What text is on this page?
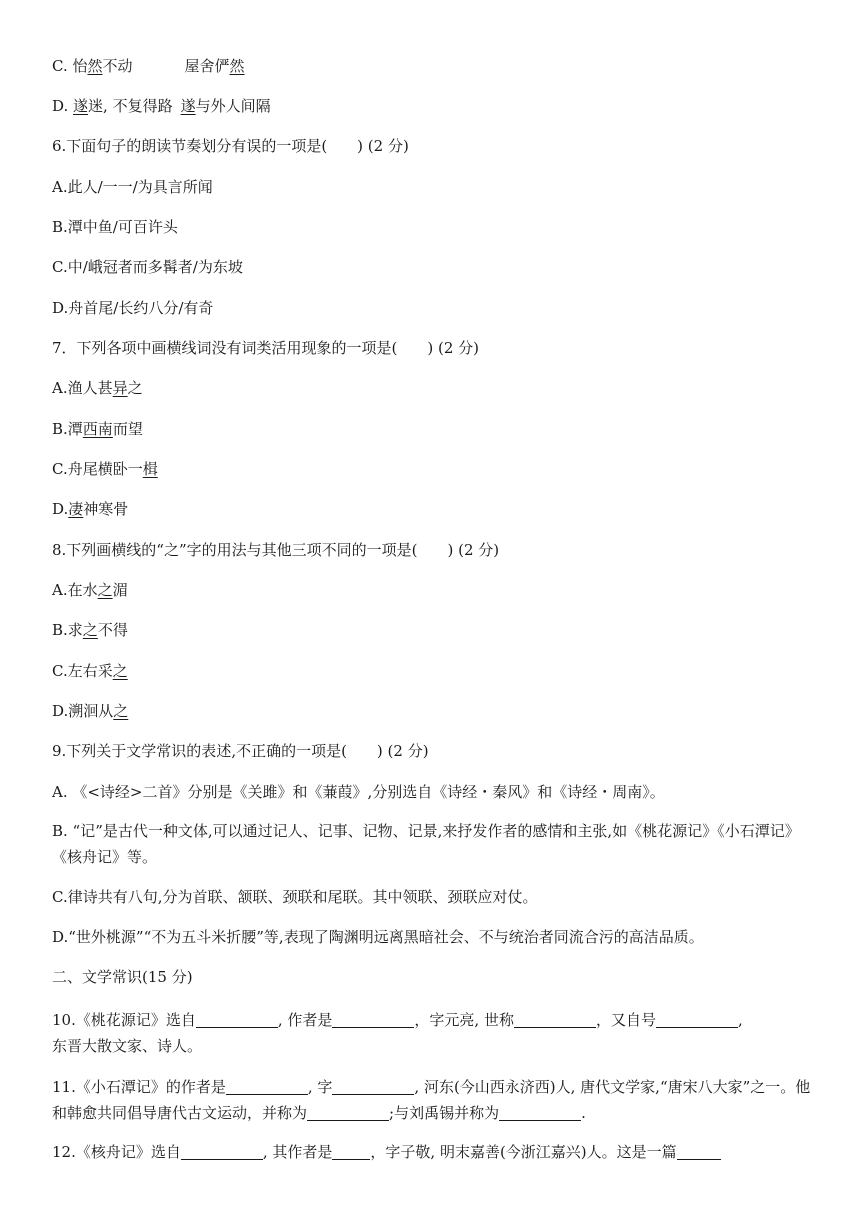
C. 怡然不动	屋舍俨然
D. 遂迷, 不复得路 遂与外人间隔
6.下面句子的朗读节奏划分有误的一项是(　　) (2 分)
A.此人/一一/为具言所闻
B.潭中鱼/可百许头
C.中/峨冠者而多髯者/为东坡
D.舟首尾/长约八分/有奇
7．下列各项中画横线词没有词类活用现象的一项是(　　) (2 分)
A.渔人甚异之
B.潭西南而望
C.舟尾横卧一楫
D.凄神寒骨
8.下列画横线的“之”字的用法与其他三项不同的一项是(　　) (2 分)
A.在水之湄
B.求之不得
C.左右采之
D.溯洄从之
9.下列关于文学常识的表述,不正确的一项是(　　) (2 分)
A. 《<诗经>二首》分别是《关雎》和《蒹葭》,分别选自《诗经・秦风》和《诗经・周南》。
B. “记”是古代一种文体,可以通过记人、记事、记物、记景,来抒发作者的感情和主张,如《桃花源记》《小石潭记》《核舟记》等。
C.律诗共有八句,分为首联、颔联、颈联和尾联。其中领联、颈联应对仗。
D.“世外桃源”“不为五斗米折腰”等,表现了陶渊明远离黑暗社会、不与统治者同流合污的高洁品质。
二、文学常识(15 分)
10.《桃花源记》选自	, 作者是	，字元亮, 世称	，又自号	,
东晋大散文家、诗人。
11.《小石潭记》的作者是	, 字	, 河东(今山西永济西)人, 唐代文学家,“唐宋八大家”之一。他和韩愈共同倡导唐代古文运动，并称为	;与刘禹锡并称为	.
12.《核舟记》选自	, 其作者是	，字子敬, 明末嘉善(今浙江嘉兴)人。这是一篇
